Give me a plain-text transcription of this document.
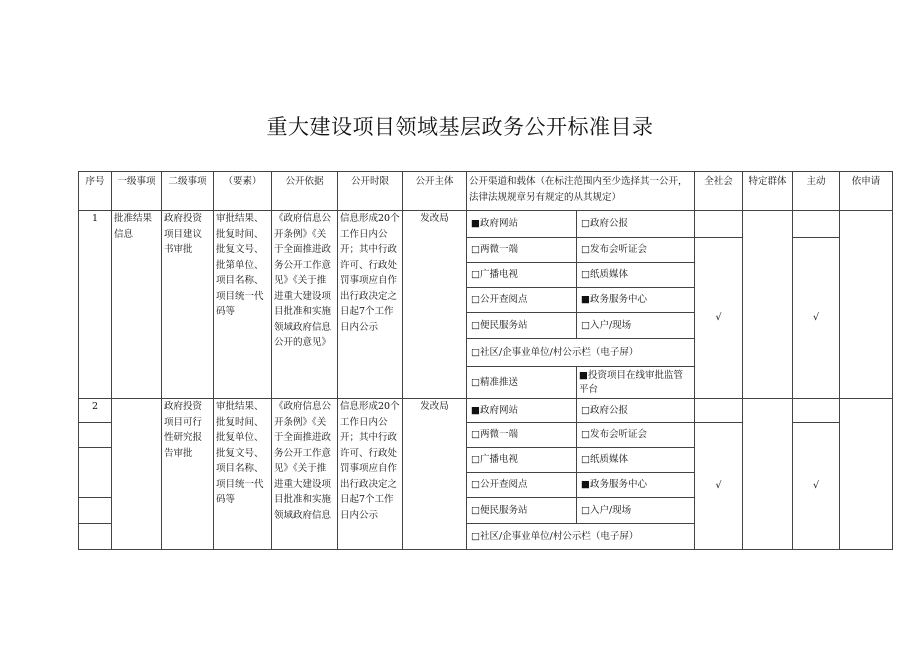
重大建设项目领域基层政务公开标准目录
序号	一级事项	二级事项	（要素）	公开依据	公开时限	公开主体	公开渠道和载体（在标注范围内至少选择其一公开，法律法规规章另有规定的从其规定）		全社会	特定群体	主动	依申请
1	批准结果信息	政府投资项目建议书审批	审批结果、批复时间、批复文号、批第单位、项目名称、项目统一代码等	《政府信息公开条例》《关于全面推进政务公开工作意见》《关于推进重大建设项目批准和实施领域政府信息公开的意见》	信息形成20个工作日内公开；其中行政许可、行政处罚事项应自作出行政决定之日起7个工作日内公示	发改局	■政府网站	□政府公报				
							□两微一端	□发布会听证会	√		√	
							□广播电视	□纸质媒体				
							□公开查阅点	■政务服务中心				
							□便民服务站	□入户/现场				
							□社区/企事业单位/村公示栏（电子屏）					
							□精准推送	■投资项目在线审批监管平台				
2		政府投资项目可行性研究报告审批	审批结果、批复时间、批复单位、批复文号、项目名称、项目统一代码等	《政府信息公开条例》《关于全面推进政务公开工作意见》《关于推进重大建设项目批准和实施领域政府信息	信息形成20个工作日内公开；其中行政许可、行政处罚事项应自作出行政决定之日起7个工作日内公示	发改局	■政府网站	□政府公报				
							□两微一端	□发布会听证会	√		√	
							□广播电视	□纸质媒体				
							□公开查阅点	■政务服务中心				
							□便民服务站	□入户/现场				
							□社区/企事业单位/村公示栏（电子屏）					
